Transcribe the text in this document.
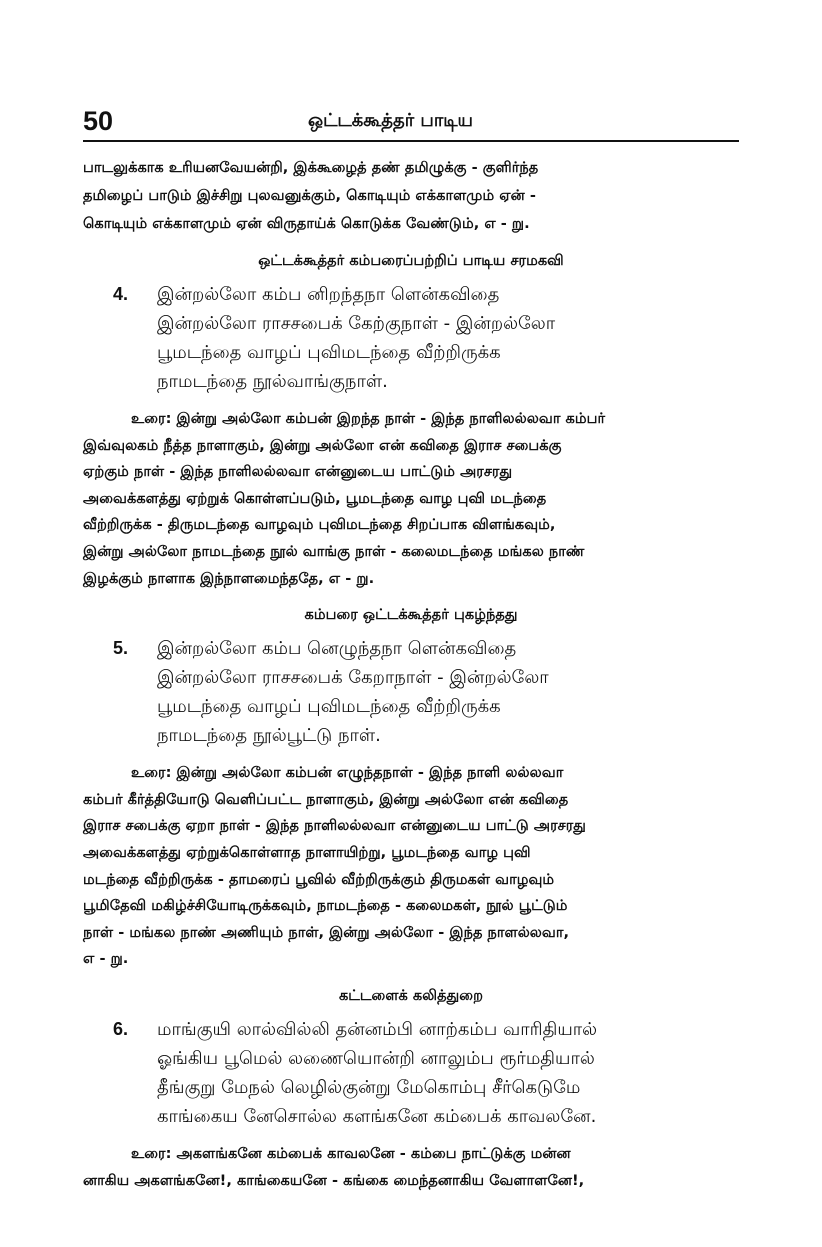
50	ஒட்டக்கூத்தர் பாடிய
பாடலுக்காக உரியனவேயன்றி, இக்கூழைத் தண் தமிழுக்கு - குளிர்ந்த
தமிழைப் பாடும் இச்சிறு புலவனுக்கும், கொடியும் எக்காளமும் ஏன் -
கொடியும் எக்காளமும் ஏன் விருதாய்க் கொடுக்க வேண்டும், எ - று.
ஒட்டக்கூத்தர் கம்பரைப்பற்றிப் பாடிய சரமகவி
4. இன்றல்லோ கம்ப னிறந்தநா ளென்கவிதை
இன்றல்லோ ராசசபைக் கேற்குநாள் - இன்றல்லோ
பூமடந்தை வாழப் புவிமடந்தை வீற்றிருக்க
நாமடந்தை நூல்வாங்குநாள்.
உரை: இன்று அல்லோ கம்பன் இறந்த நாள் - இந்த நாளிலல்லவா கம்பர்
இவ்வுலகம் நீத்த நாளாகும், இன்று அல்லோ என் கவிதை இராச சபைக்கு
ஏற்கும் நாள் - இந்த நாளிலல்லவா என்னுடைய பாட்டும் அரசரது
அவைக்களத்து ஏற்றுக் கொள்ளப்படும், பூமடந்தை வாழ புவி மடந்தை
வீற்றிருக்க - திருமடந்தை வாழவும் புவிமடந்தை சிறப்பாக விளங்கவும்,
இன்று அல்லோ நாமடந்தை நூல் வாங்கு நாள் - கலைமடந்தை மங்கல நாண்
இழக்கும் நாளாக இந்நாளமைந்ததே, எ - று.
கம்பரை ஒட்டக்கூத்தர் புகழ்ந்தது
5. இன்றல்லோ கம்ப னெழுந்தநா ளென்கவிதை
இன்றல்லோ ராசசபைக் கேறாநாள் - இன்றல்லோ
பூமடந்தை வாழப் புவிமடந்தை வீற்றிருக்க
நாமடந்தை நூல்பூட்டு நாள்.
உரை: இன்று அல்லோ கம்பன் எழுந்தநாள் - இந்த நாளி லல்லவா
கம்பர் கீர்த்தியோடு வெளிப்பட்ட நாளாகும், இன்று அல்லோ என் கவிதை
இராச சபைக்கு ஏறா நாள் - இந்த நாளிலல்லவா என்னுடைய பாட்டு அரசரது
அவைக்களத்து ஏற்றுக்கொள்ளாத நாளாயிற்று, பூமடந்தை வாழ புவி
மடந்தை வீற்றிருக்க - தாமரைப் பூவில் வீற்றிருக்கும் திருமகள் வாழவும்
பூமிதேவி மகிழ்ச்சியோடிருக்கவும், நாமடந்தை - கலைமகள், நூல் பூட்டும்
நாள் - மங்கல நாண் அணியும் நாள், இன்று அல்லோ - இந்த நாளல்லவா,
எ - று.
கட்டளைக் கலித்துறை
6. மாங்குயி லால்வில்லி தன்னம்பி னாற்கம்ப வாரிதியால்
ஓங்கிய பூமெல் லணையொன்றி னாலும்ப ரூர்மதியால்
தீங்குறு மேநல் லெழில்குன்று மேகொம்பு சீர்கெடுமே
காங்கைய னேசொல்ல களங்கனே கம்பைக் காவலனே.
உரை: அகளங்கனே கம்பைக் காவலனே - கம்பை நாட்டுக்கு மன்ன
னாகிய அகளங்கனே!, காங்கையனே - கங்கை மைந்தனாகிய வேளாளனே!,
